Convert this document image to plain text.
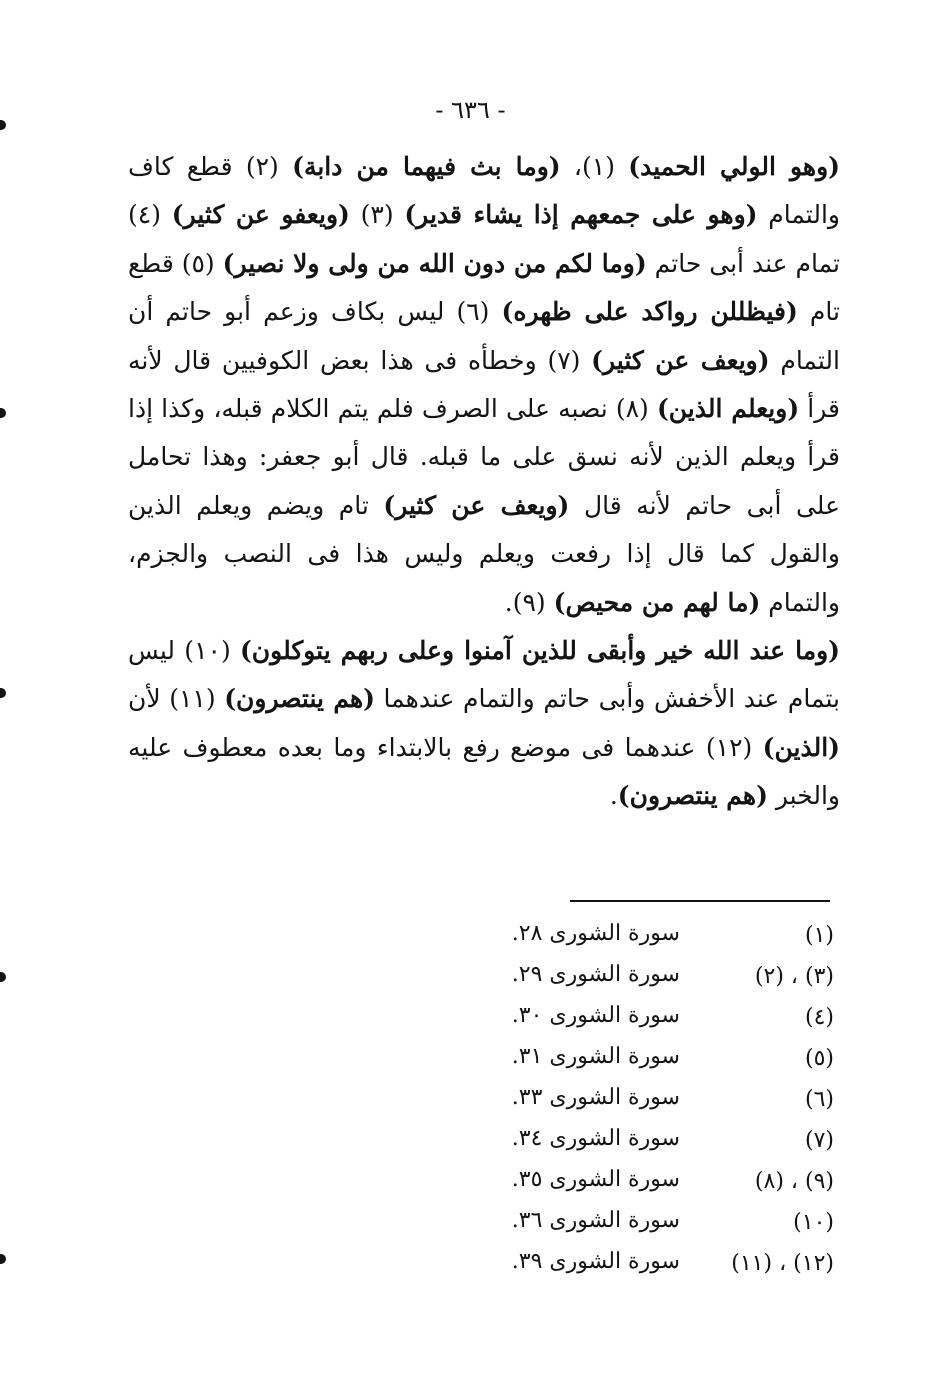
- ٦٣٦ -

(وهو الولي الحميد) (١)، (وما بث فيهما من دابة) (٢) قطع كاف والتمام (وهو على جمعهم إذا يشاء قدير) (٣) (ويعفو عن كثير) (٤) تمام عند أبى حاتم (وما لكم من دون الله من ولى ولا نصير) (٥) قطع تام (فيظللن رواكد على ظهره) (٦) ليس بكاف وزعم أبو حاتم أن التمام (ويعف عن كثير) (٧) وخطأه فى هذا بعض الكوفيين قال لأنه قرأ (ويعلم الذين) (٨) نصبه على الصرف فلم يتم الكلام قبله، وكذا إذا قرأ ويعلم الذين لأنه نسق على ما قبله. قال أبو جعفر: وهذا تحامل على أبى حاتم لأنه قال (ويعف عن كثير) تام ويضم ويعلم الذين والقول كما قال إذا رفعت ويعلم وليس هذا فى النصب والجزم، والتمام (ما لهم من محيص) (٩).

(وما عند الله خير وأبقى للذين آمنوا وعلى ربهم يتوكلون) (١٠) ليس بتمام عند الأخفش وأبى حاتم والتمام عندهما (هم ينتصرون) (١١) لأن (الذين) (١٢) عندهما فى موضع رفع بالابتداء وما بعده معطوف عليه والخبر (هم ينتصرون).

(١)
سورة الشورى ٢٨.
(٢) ، (٣)
سورة الشورى ٢٩.
(٤)
سورة الشورى ٣٠.
(٥)
سورة الشورى ٣١.
(٦)
سورة الشورى ٣٣.
(٧)
سورة الشورى ٣٤.
(٨) ، (٩)
سورة الشورى ٣٥.
(١٠)
سورة الشورى ٣٦.
(١١) ، (١٢)
سورة الشورى ٣٩.
